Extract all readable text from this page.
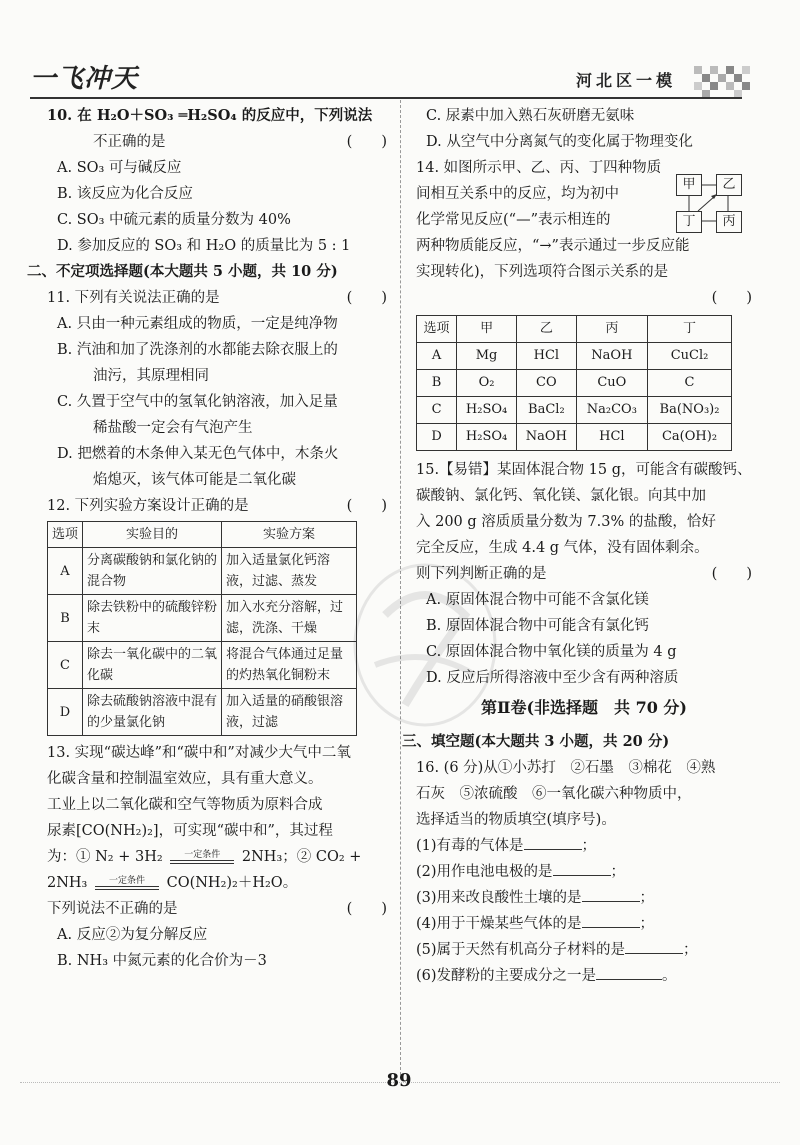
一飞冲天	河北区一模

10. 在 H₂O＋SO₃ ═H₂SO₄ 的反应中，下列说法

不正确的是	(　　)

A. SO₃ 可与碱反应

B. 该反应为化合反应

C. SO₃ 中硫元素的质量分数为 40%

D. 参加反应的 SO₃ 和 H₂O 的质量比为 5 : 1

二、不定项选择题(本大题共 5 小题，共 10 分)

11. 下列有关说法正确的是	(　　)

A. 只由一种元素组成的物质，一定是纯净物

B. 汽油和加了洗涤剂的水都能去除衣服上的

油污，其原理相同

C. 久置于空气中的氢氧化钠溶液，加入足量

稀盐酸一定会有气泡产生

D. 把燃着的木条伸入某无色气体中，木条火

焰熄灭，该气体可能是二氧化碳

12. 下列实验方案设计正确的是	(　　)

选项	实验目的	实验方案
A	分离碳酸钠和氯化钠的混合物	加入适量氯化钙溶液，过滤、蒸发
B	除去铁粉中的硫酸锌粉末	加入水充分溶解，过滤，洗涤、干燥
C	除去一氧化碳中的二氧化碳	将混合气体通过足量的灼热氧化铜粉末
D	除去硫酸钠溶液中混有的少量氯化钠	加入适量的硝酸银溶液，过滤

13. 实现“碳达峰”和“碳中和”对减少大气中二氧

化碳含量和控制温室效应，具有重大意义。

工业上以二氧化碳和空气等物质为原料合成

尿素[CO(NH₂)₂]，可实现“碳中和”，其过程

为：① N₂ + 3H₂ 一定条件 2NH₃；② CO₂ +

2NH₃ 一定条件 CO(NH₂)₂＋H₂O。

下列说法不正确的是	(　　)

A. 反应②为复分解反应

B. NH₃ 中氮元素的化合价为－3

C. 尿素中加入熟石灰研磨无氨味

D. 从空气中分离氮气的变化属于物理变化

14. 如图所示甲、乙、丙、丁四种物质

间相互关系中的反应，均为初中

化学常见反应(“—”表示相连的

两种物质能反应，“→”表示通过一步反应能

实现转化)，下列选项符合图示关系的是

(　　)

选项	甲	乙	丙	丁
A	Mg	HCl	NaOH	CuCl₂
B	O₂	CO	CuO	C
C	H₂SO₄	BaCl₂	Na₂CO₃	Ba(NO₃)₂
D	H₂SO₄	NaOH	HCl	Ca(OH)₂

15.【易错】某固体混合物 15 g，可能含有碳酸钙、

碳酸钠、氯化钙、氧化镁、氯化银。向其中加

入 200 g 溶质质量分数为 7.3% 的盐酸，恰好

完全反应，生成 4.4 g 气体，没有固体剩余。

则下列判断正确的是	(　　)

A. 原固体混合物中可能不含氯化镁

B. 原固体混合物中可能含有氯化钙

C. 原固体混合物中氧化镁的质量为 4 g

D. 反应后所得溶液中至少含有两种溶质

第Ⅱ卷(非选择题　共 70 分)

三、填空题(本大题共 3 小题，共 20 分)

16. (6 分)从①小苏打　②石墨　③棉花　④熟

石灰　⑤浓硫酸　⑥一氧化碳六种物质中，

选择适当的物质填空(填序号)。

(1)有毒的气体是	；

(2)用作电池电极的是	；

(3)用来改良酸性土壤的是	；

(4)用于干燥某些气体的是	；

(5)属于天然有机高分子材料的是	；

(6)发酵粉的主要成分之一是	。

甲	乙
丁	丙
89
